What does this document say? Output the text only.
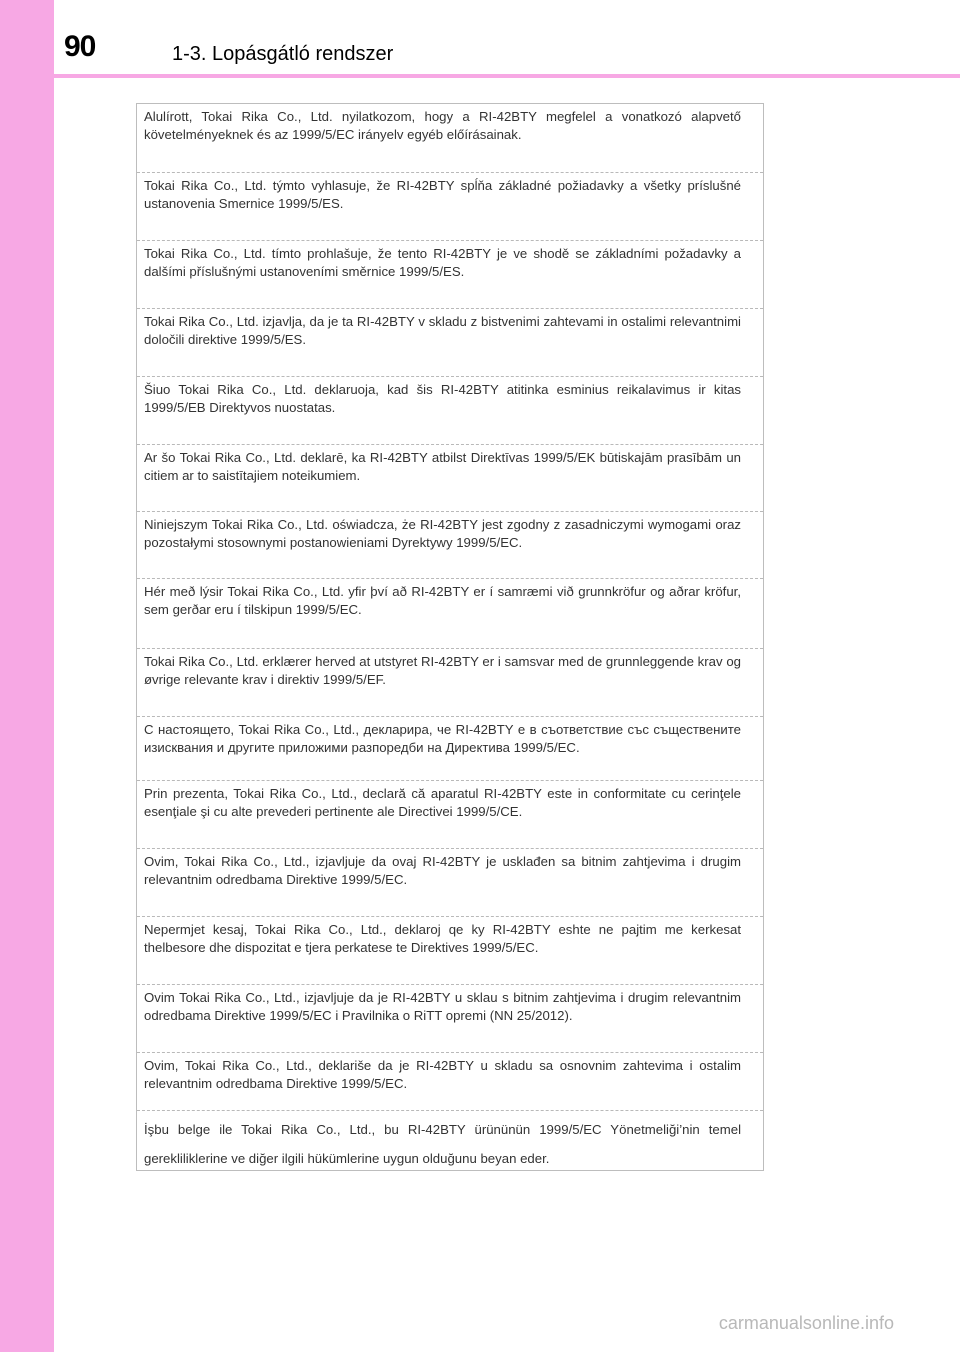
90	1-3. Lopásgátló rendszer
Alulírott, Tokai Rika Co., Ltd. nyilatkozom, hogy a RI-42BTY megfelel a vonatkozó alapvető követelményeknek és az 1999/5/EC irányelv egyéb előírásainak.
Tokai Rika Co., Ltd. týmto vyhlasuje, že RI-42BTY spĺňa základné požiadavky a všetky príslušné ustanovenia Smernice 1999/5/ES.
Tokai Rika Co., Ltd. tímto prohlašuje, že tento RI-42BTY je ve shodě se základními požadavky a dalšími příslušnými ustanoveními směrnice 1999/5/ES.
Tokai Rika Co., Ltd. izjavlja, da je ta RI-42BTY v skladu z bistvenimi zahtevami in ostalimi relevantnimi določili direktive 1999/5/ES.
Šiuo Tokai Rika Co., Ltd. deklaruoja, kad šis RI-42BTY atitinka esminius reikalavimus ir kitas 1999/5/EB Direktyvos nuostatas.
Ar šo Tokai Rika Co., Ltd. deklarē, ka RI-42BTY atbilst Direktīvas 1999/5/EK būtiskajām prasībām un citiem ar to saistītajiem noteikumiem.
Niniejszym Tokai Rika Co., Ltd. oświadcza, że RI-42BTY jest zgodny z zasadniczymi wymogami oraz pozostałymi stosownymi postanowieniami Dyrektywy 1999/5/EC.
Hér með lýsir Tokai Rika Co., Ltd. yfir því að RI-42BTY er í samræmi við grunnkröfur og aðrar kröfur, sem gerðar eru í tilskipun 1999/5/EC.
Tokai Rika Co., Ltd. erklærer herved at utstyret RI-42BTY er i samsvar med de grunnleggende krav og øvrige relevante krav i direktiv 1999/5/EF.
С настоящето, Tokai Rika Co., Ltd., декларира, че RI-42BTY е в съответствие със съществените изисквания и другите приложими разпоредби на Директива 1999/5/EC.
Prin prezenta, Tokai Rika Co., Ltd., declară că aparatul RI-42BTY este in conformitate cu cerinţele esenţiale şi cu alte prevederi pertinente ale Directivei 1999/5/CE.
Ovim, Tokai Rika Co., Ltd., izjavljuje da ovaj RI-42BTY je usklađen sa bitnim zahtjevima i drugim relevantnim odredbama Direktive 1999/5/EC.
Nepermjet kesaj, Tokai Rika Co., Ltd., deklaroj qe ky RI-42BTY eshte ne pajtim me kerkesat thelbesore dhe dispozitat e tjera perkatese te Direktives 1999/5/EC.
Ovim Tokai Rika Co., Ltd., izjavljuje da je RI-42BTY u sklau s bitnim zahtjevima i drugim relevantnim odredbama Direktive 1999/5/EC i Pravilnika o RiTT opremi (NN 25/2012).
Ovim, Tokai Rika Co., Ltd., deklariše da je RI-42BTY u skladu sa osnovnim zahtevima i ostalim relevantnim odredbama Direktive 1999/5/EC.
İşbu belge ile Tokai Rika Co., Ltd., bu RI-42BTY ürününün 1999/5/EC Yönetmeliği’nin temel gerekliliklerine ve diğer ilgili hükümlerine uygun olduğunu beyan eder.
carmanualsonline.info
